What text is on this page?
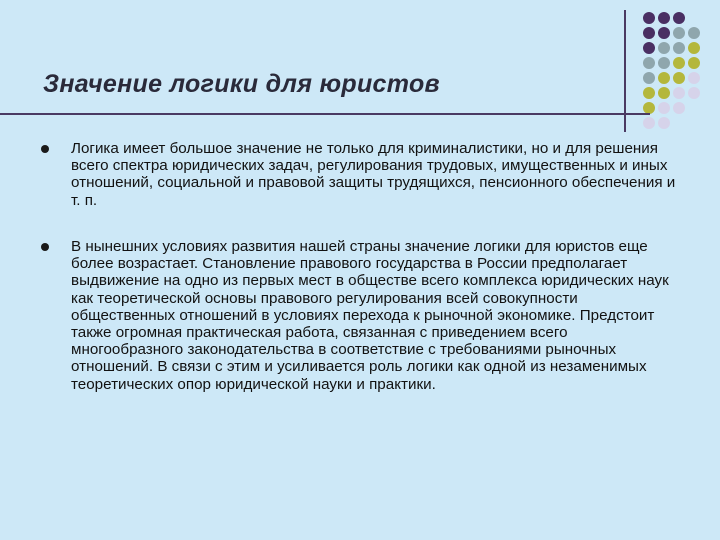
Значение логики для юристов
Логика имеет большое значение не только для криминалистики, но и для решения всего спектра юридических задач, регулирования трудовых, имущественных и иных отношений, социальной и правовой защиты трудящихся, пенсионного обеспечения и т. п.
В нынешних условиях развития нашей страны значение логики для юристов еще более возрастает. Становление правового государства в России предполагает выдвижение на одно из первых мест в обществе всего комплекса юридических наук как теоретической основы правового регулирования всей совокупности общественных отношений в условиях перехода к рыночной экономике. Предстоит также огромная практическая работа, связанная с приведением всего многообразного законодательства в соответствие с требованиями рыночных отношений. В связи с этим и усиливается роль логики как одной из незаменимых теоретических опор юридической науки и практики.
